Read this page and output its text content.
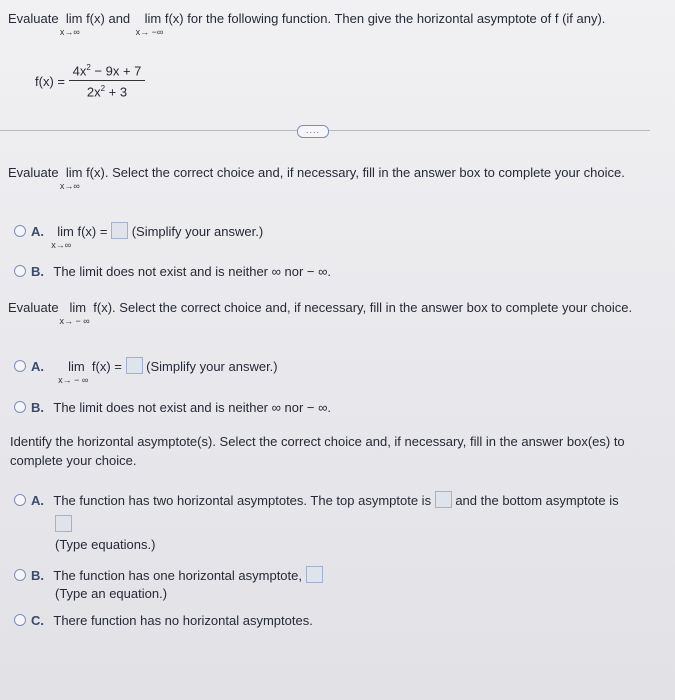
Evaluate lim
x→∞
f(x) and lim
x→ −∞
f(x) for the following function. Then give the horizontal asymptote of f (if any).
$f(x) = \frac{4x^2 - 9x + 7}{2x^2 + 3}$
....
Evaluate lim
x→∞
f(x). Select the correct choice and, if necessary, fill in the answer box to complete your choice.
A. lim
x→∞
f(x) = (Simplify your answer.)
B. The limit does not exist and is neither ∞ nor − ∞.
Evaluate lim
x→ − ∞
f(x). Select the correct choice and, if necessary, fill in the answer box to complete your choice.
A. lim
x→ − ∞
f(x) = (Simplify your answer.)
B. The limit does not exist and is neither ∞ nor − ∞.
Identify the horizontal asymptote(s). Select the correct choice and, if necessary, fill in the answer box(es) to
complete your choice.
A. The function has two horizontal asymptotes. The top asymptote is and the bottom asymptote is
(Type equations.)
B. The function has one horizontal asymptote,
(Type an equation.)
C. There function has no horizontal asymptotes.
